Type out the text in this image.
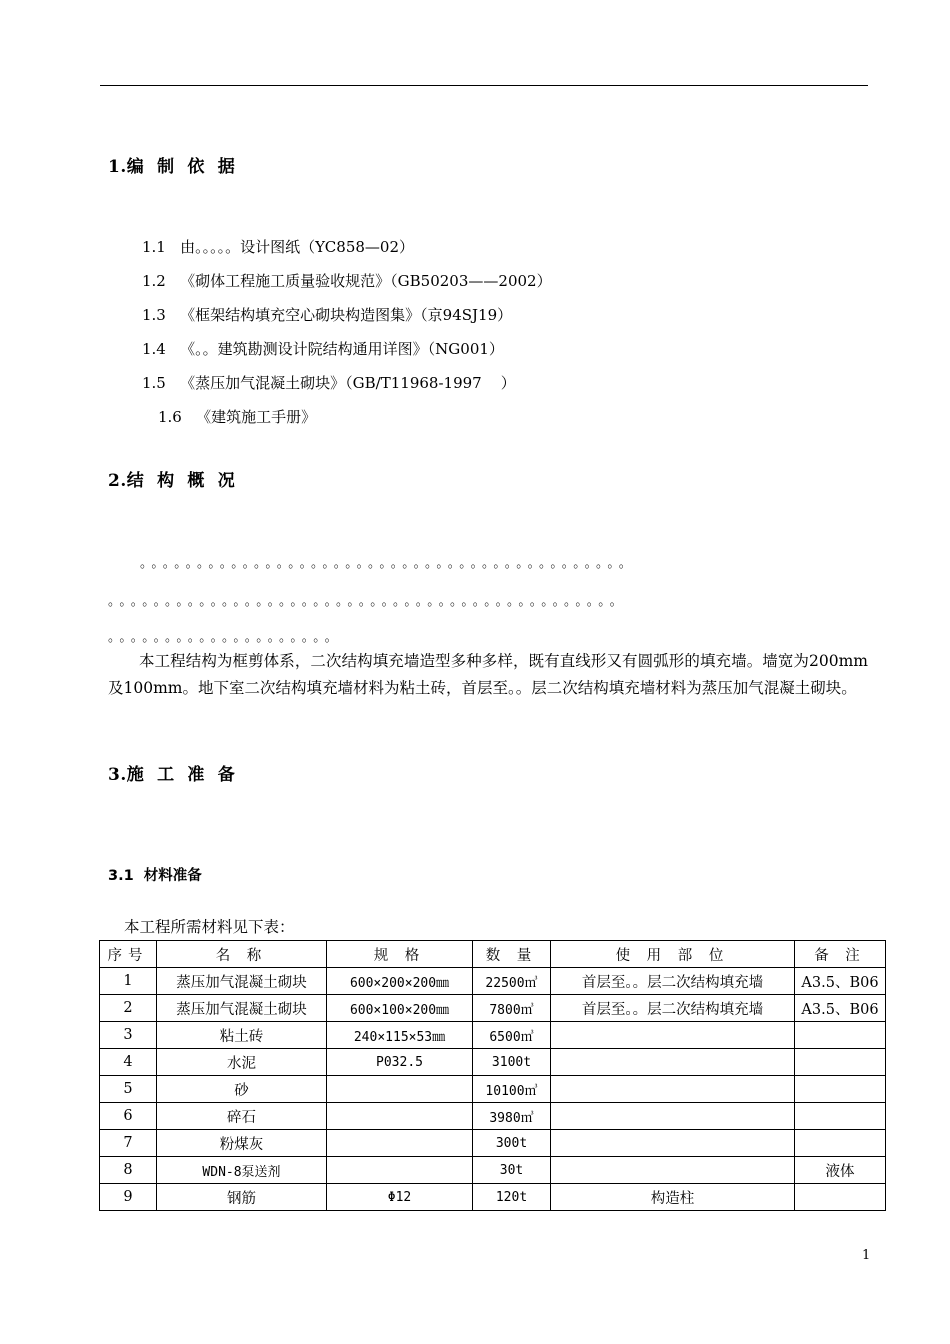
1.编  制  依  据
1.1 由。。。。。设计图纸（YC858—02）
1.2 《砌体工程施工质量验收规范》（GB50203——2002）
1.3 《框架结构填充空心砌块构造图集》（京94SJ19）
1.4 《。。建筑勘测设计院结构通用详图》（NG001）
1.5 《蒸压加气混凝土砌块》（GB/T11968-1997    ）
1.6 《建筑施工手册》
2.结  构  概  况
。。。。。。。。。。。。。。。。。。。。。。。。。。。。。。。。。。。。。。。。。。。
。。。。。。。。。。。。。。。。。。。。。。。。。。。。。。。。。。。。。。。。。。。。。
。。。。。。。。。。。。。。。。。。。。

本工程结构为框剪体系，二次结构填充墙造型多种多样，既有直线形又有圆弧形的填充墙。墙宽为200mm及100mm。地下室二次结构填充墙材料为粘土砖，首层至。。层二次结构填充墙材料为蒸压加气混凝土砌块。

3.施  工  准  备
3.1  材料准备
本工程所需材料见下表：
序号	名 称	规 格	数 量	使 用 部 位	备 注
1	蒸压加气混凝土砌块	600×200×200㎜	22500㎥	首层至。。层二次结构填充墙	A3.5、B06
2	蒸压加气混凝土砌块	600×100×200㎜	7800㎥	首层至。。层二次结构填充墙	A3.5、B06
3	粘土砖	240×115×53㎜	6500㎥		
4	水泥	P032.5	3100t		
5	砂		10100㎥		
6	碎石		3980㎥		
7	粉煤灰		300t		
8	WDN-8泵送剂		30t		液体
9	钢筋	Φ12	120t	构造柱	
1
